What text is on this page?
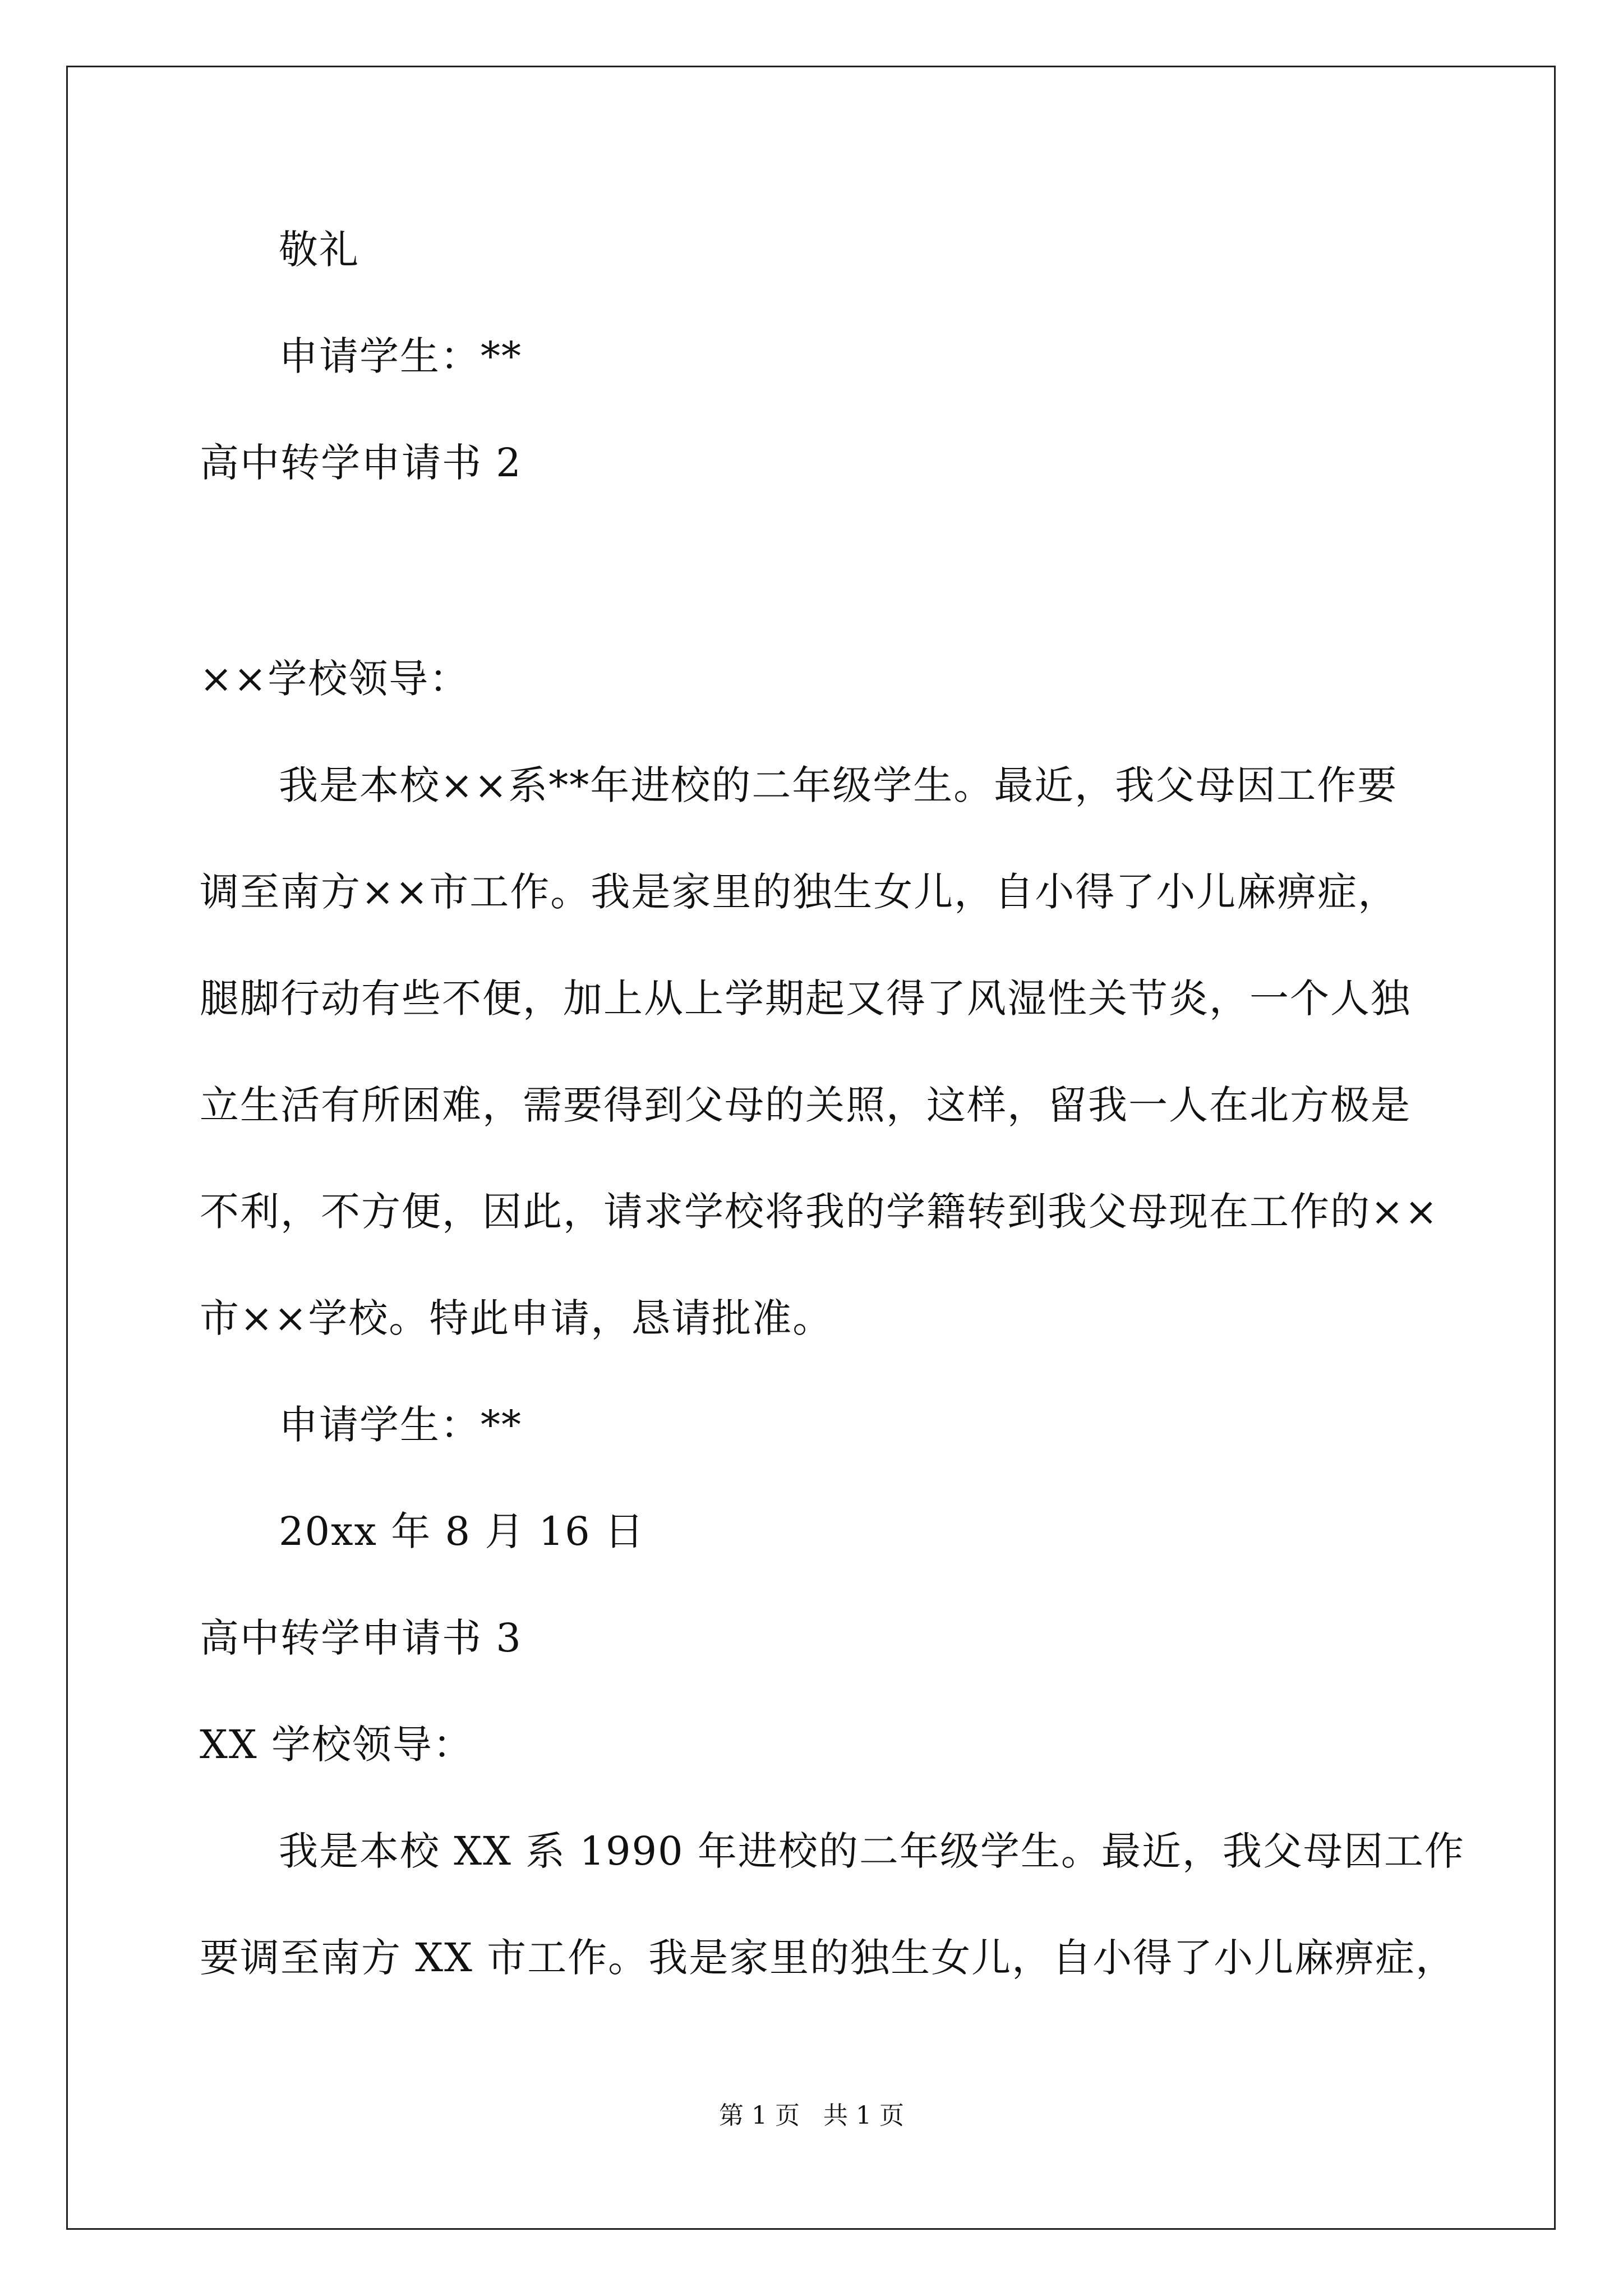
敬礼
申请学生：**
高中转学申请书 2
××学校领导：
我是本校××系**年进校的二年级学生。最近，我父母因工作要
调至南方××市工作。我是家里的独生女儿，自小得了小儿麻痹症，
腿脚行动有些不便，加上从上学期起又得了风湿性关节炎，一个人独
立生活有所困难，需要得到父母的关照，这样，留我一人在北方极是
不利，不方便，因此，请求学校将我的学籍转到我父母现在工作的××
市××学校。特此申请，恳请批准。
申请学生：**
20xx 年 8 月 16 日
高中转学申请书 3
XX 学校领导：
我是本校 XX 系 1990 年进校的二年级学生。最近，我父母因工作
要调至南方 XX 市工作。我是家里的独生女儿，自小得了小儿麻痹症，
第 1 页   共 1 页
